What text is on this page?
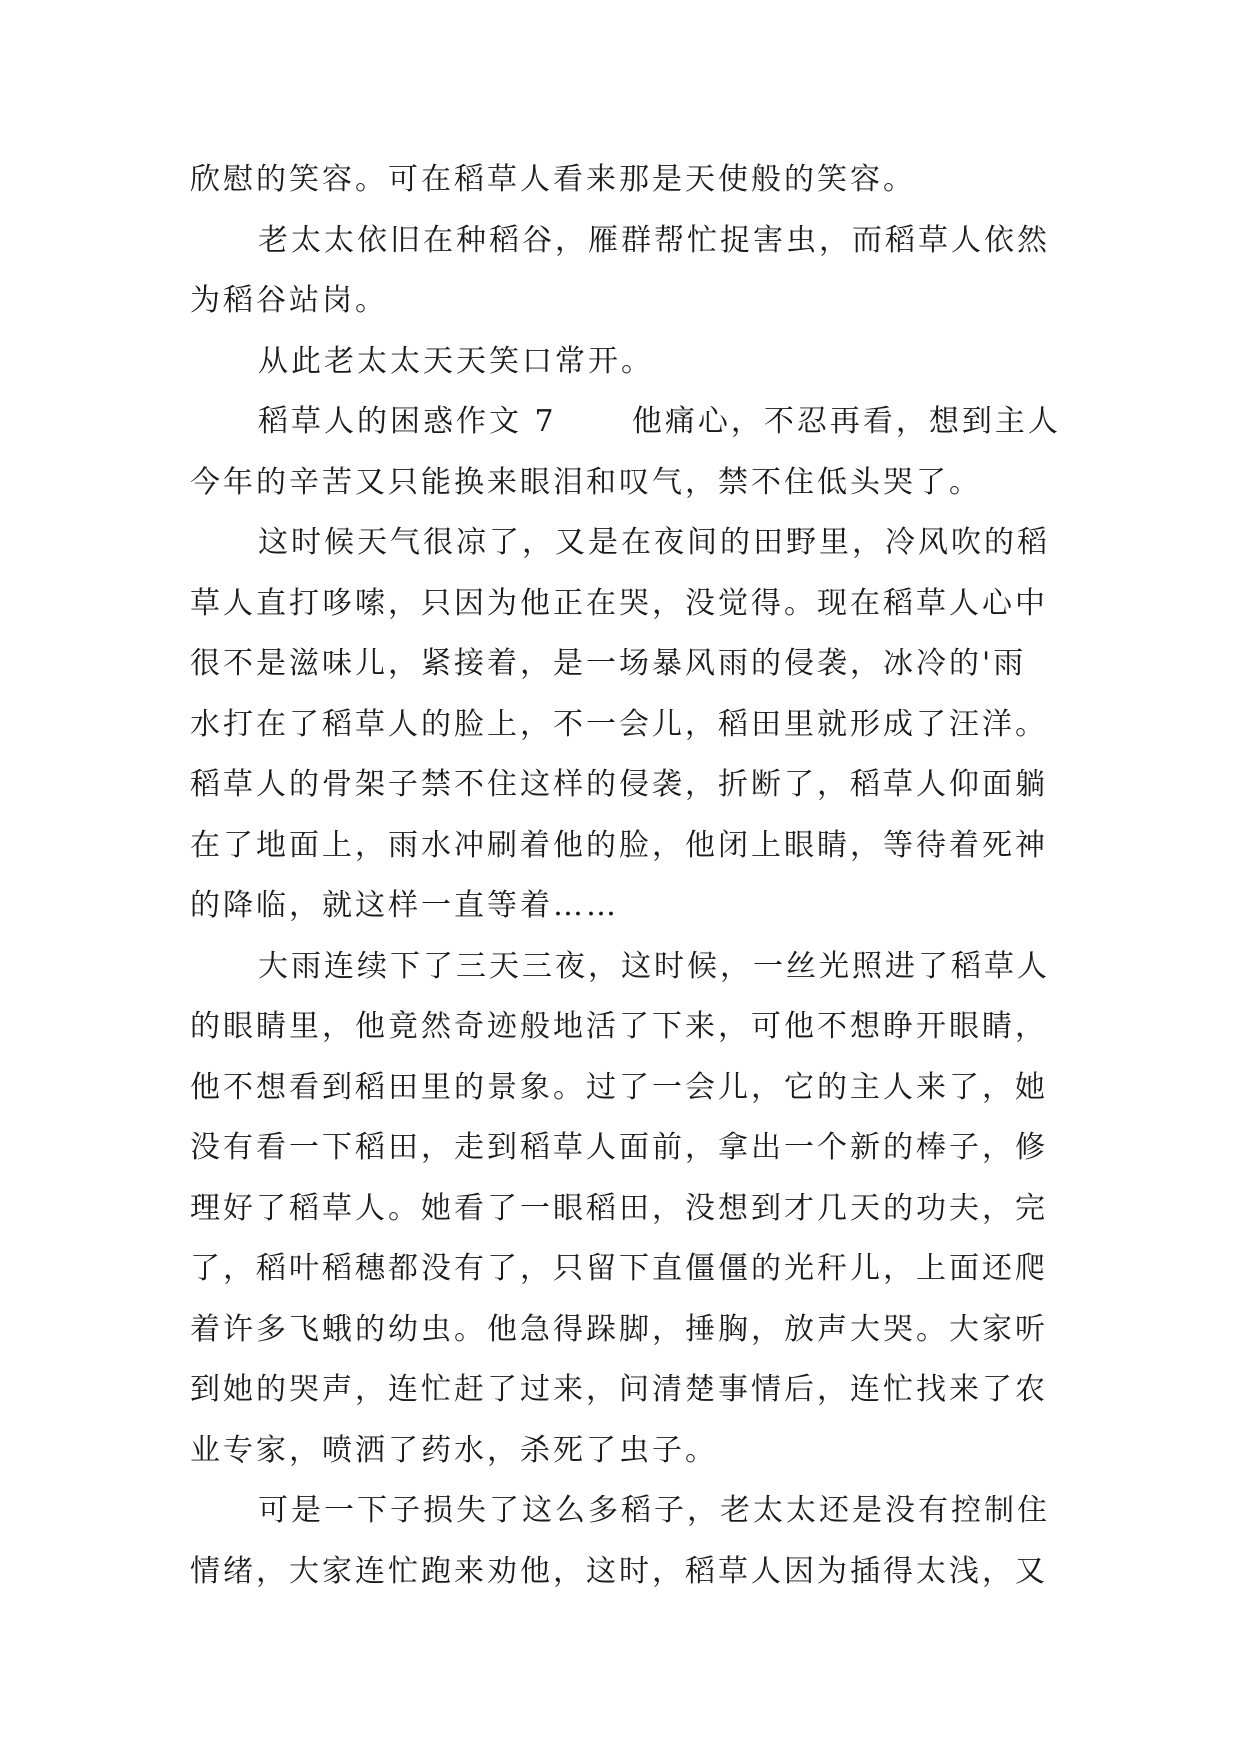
欣慰的笑容。可在稻草人看来那是天使般的笑容。
老太太依旧在种稻谷，雁群帮忙捉害虫，而稻草人依然
为稻谷站岗。
从此老太太天天笑口常开。
稻草人的困惑作文 7      他痛心，不忍再看，想到主人
今年的辛苦又只能换来眼泪和叹气，禁不住低头哭了。
这时候天气很凉了，又是在夜间的田野里，冷风吹的稻
草人直打哆嗦，只因为他正在哭，没觉得。现在稻草人心中
很不是滋味儿，紧接着，是一场暴风雨的侵袭，冰冷的'雨
水打在了稻草人的脸上，不一会儿，稻田里就形成了汪洋。
稻草人的骨架子禁不住这样的侵袭，折断了，稻草人仰面躺
在了地面上，雨水冲刷着他的脸，他闭上眼睛，等待着死神
的降临，就这样一直等着……
大雨连续下了三天三夜，这时候，一丝光照进了稻草人
的眼睛里，他竟然奇迹般地活了下来，可他不想睁开眼睛，
他不想看到稻田里的景象。过了一会儿，它的主人来了，她
没有看一下稻田，走到稻草人面前，拿出一个新的棒子，修
理好了稻草人。她看了一眼稻田，没想到才几天的功夫，完
了，稻叶稻穗都没有了，只留下直僵僵的光秆儿，上面还爬
着许多飞蛾的幼虫。他急得跺脚，捶胸，放声大哭。大家听
到她的哭声，连忙赶了过来，问清楚事情后，连忙找来了农
业专家，喷洒了药水，杀死了虫子。
可是一下子损失了这么多稻子，老太太还是没有控制住
情绪，大家连忙跑来劝他，这时，稻草人因为插得太浅，又
